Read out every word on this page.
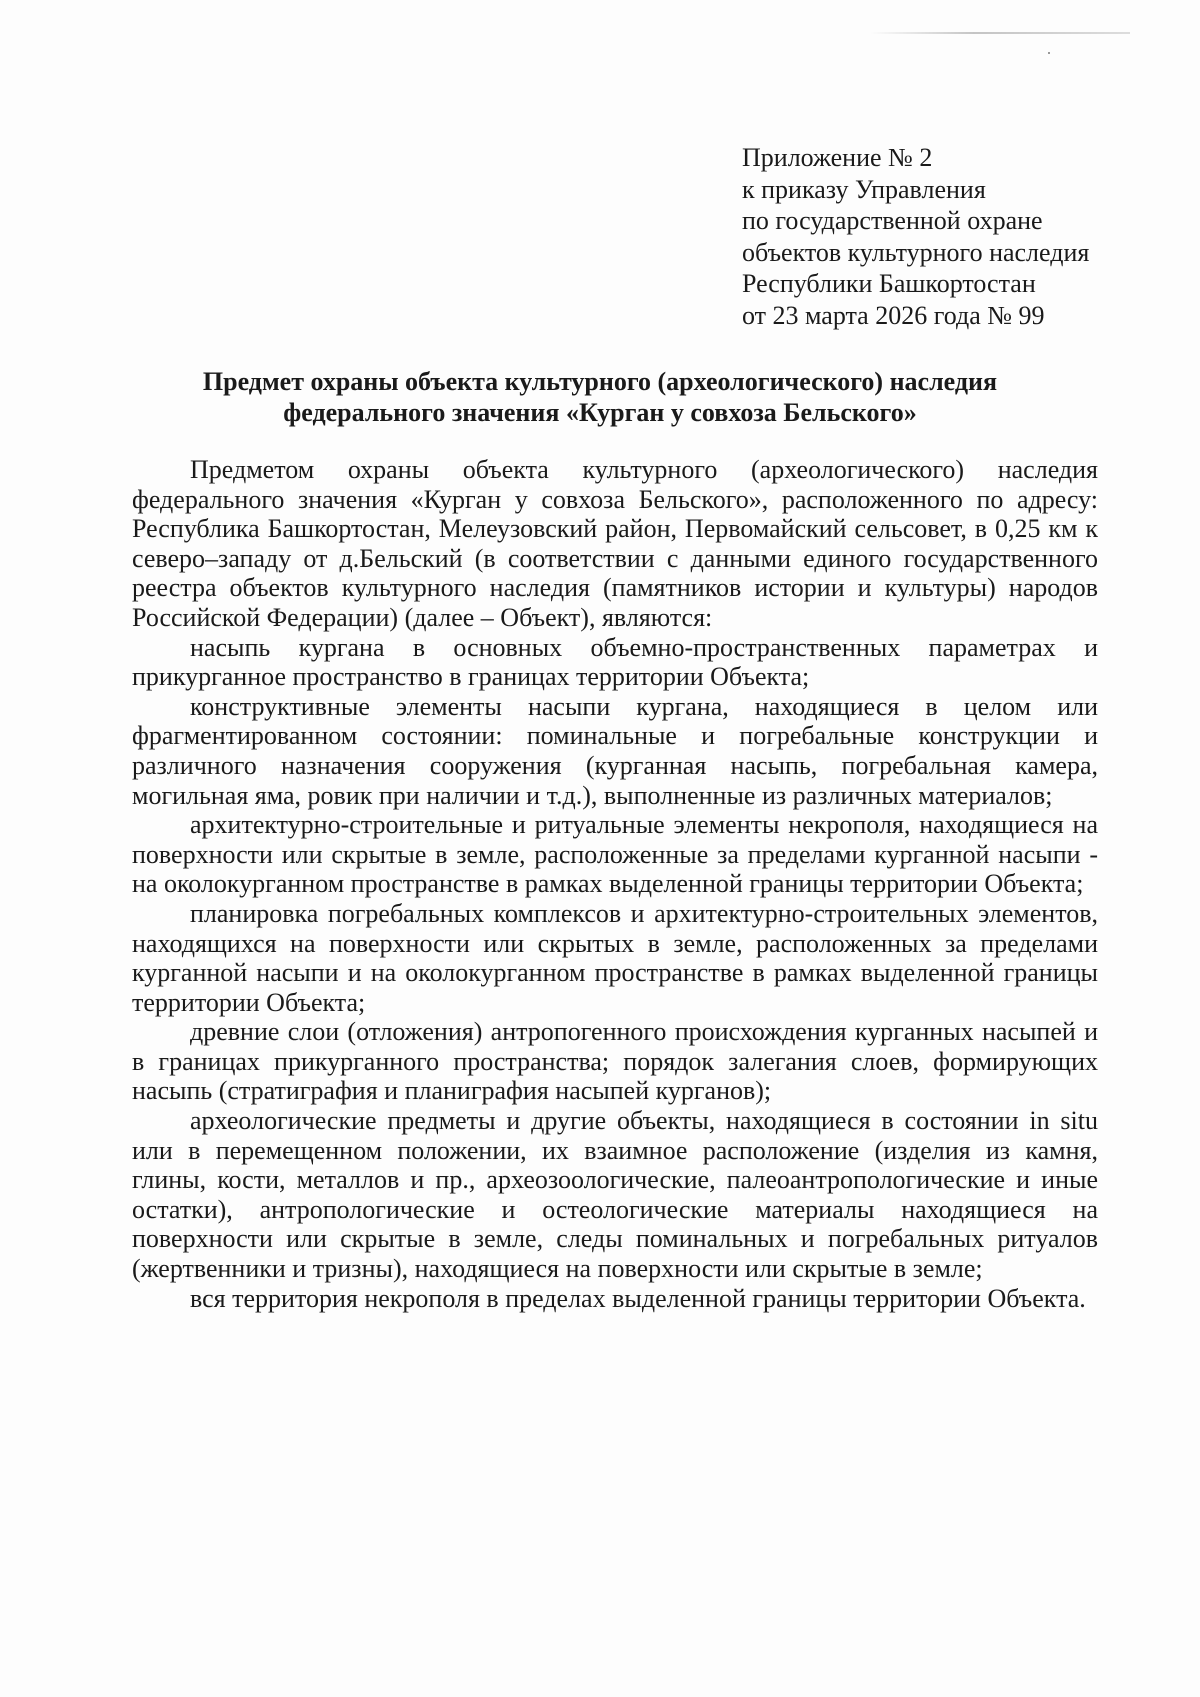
Приложение № 2
к приказу Управления
по государственной охране
объектов культурного наследия
Республики Башкортостан
от 23 марта 2026 года № 99
Предмет охраны объекта культурного (археологического) наследия
федерального значения «Курган у совхоза Бельского»

Предметом охраны объекта культурного (археологического) наследия федерального значения «Курган у совхоза Бельского», расположенного по адресу: Республика Башкортостан, Мелеузовский район, Первомайский сельсовет, в 0,25 км к северо–западу от д.Бельский (в соответствии с данными единого государственного реестра объектов культурного наследия (памятников истории и культуры) народов Российской Федерации) (далее – Объект), являются:

насыпь кургана в основных объемно-пространственных параметрах и прикурганное пространство в границах территории Объекта;

конструктивные элементы насыпи кургана, находящиеся в целом или фрагментированном состоянии: поминальные и погребальные конструкции и различного назначения сооружения (курганная насыпь, погребальная камера, могильная яма, ровик при наличии и т.д.), выполненные из различных материалов;

архитектурно-строительные и ритуальные элементы некрополя, находящиеся на поверхности или скрытые в земле, расположенные за пределами курганной насыпи - на околокурганном пространстве в рамках выделенной границы территории Объекта;

планировка погребальных комплексов и архитектурно-строительных элементов, находящихся на поверхности или скрытых в земле, расположенных за пределами курганной насыпи и на околокурганном пространстве в рамках выделенной границы территории Объекта;

древние слои (отложения) антропогенного происхождения курганных насыпей и в границах прикурганного пространства; порядок залегания слоев, формирующих насыпь (стратиграфия и планиграфия насыпей курганов);

археологические предметы и другие объекты, находящиеся в состоянии in situ или в перемещенном положении, их взаимное расположение (изделия из камня, глины, кости, металлов и пр., археозоологические, палеоантропологические и иные остатки), антропологические и остеологические материалы находящиеся на поверхности или скрытые в земле, следы поминальных и погребальных ритуалов (жертвенники и тризны), находящиеся на поверхности или скрытые в земле;

вся территория некрополя в пределах выделенной границы территории Объекта.
